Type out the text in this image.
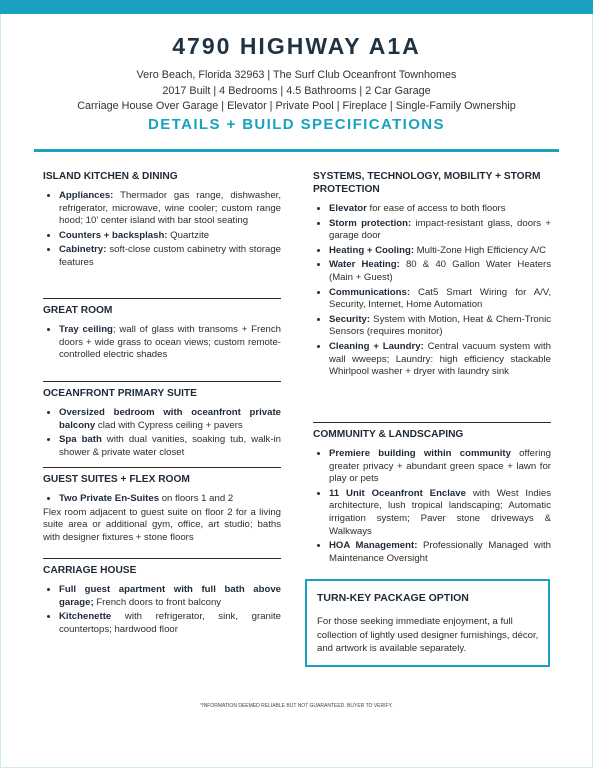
4790 HIGHWAY A1A
Vero Beach, Florida 32963 | The Surf Club Oceanfront Townhomes
2017 Built | 4 Bedrooms | 4.5 Bathrooms | 2 Car Garage
Carriage House Over Garage | Elevator | Private Pool | Fireplace | Single-Family Ownership
DETAILS + BUILD SPECIFICATIONS
ISLAND KITCHEN & DINING
• Appliances: Thermador gas range, dishwasher, refrigerator, microwave, wine cooler; custom range hood; 10' center island with bar stool seating
• Counters + backsplash: Quartzite
• Cabinetry: soft-close custom cabinetry with storage features
GREAT ROOM
• Tray ceiling; wall of glass with transoms + French doors + wide grass to ocean views; custom remote-controlled electric shades
OCEANFRONT PRIMARY SUITE
• Oversized bedroom with oceanfront private balcony clad with Cypress ceiling + pavers
• Spa bath with dual vanities, soaking tub, walk-in shower & private water closet
GUEST SUITES + FLEX ROOM
• Two Private En-Suites on floors 1 and 2

Flex room adjacent to guest suite on floor 2 for a living suite area or additional gym, office, art studio; baths with designer fixtures + stone floors

CARRIAGE HOUSE
• Full guest apartment with full bath above garage; French doors to front balcony
• Kitchenette with refrigerator, sink, granite countertops; hardwood floor
SYSTEMS, TECHNOLOGY, MOBILITY + STORM PROTECTION
• Elevator for ease of access to both floors
• Storm protection: impact-resistant glass, doors + garage door
• Heating + Cooling: Multi-Zone High Efficiency A/C
• Water Heating: 80 & 40 Gallon Water Heaters (Main + Guest)
• Communications: Cat5 Smart Wiring for A/V, Security, Internet, Home Automation
• Security: System with Motion, Heat & Chem-Tronic Sensors (requires monitor)
• Cleaning + Laundry: Central vacuum system with wall wweeps; Laundry: high efficiency stackable Whirlpool washer + dryer with laundry sink
COMMUNITY & LANDSCAPING
• Premiere building within community offering greater privacy + abundant green space + lawn for play or pets
• 11 Unit Oceanfront Enclave with West Indies architecture, lush tropical landscaping; Automatic irrigation system; Paver stone driveways & Walkways
• HOA Management: Professionally Managed with Maintenance Oversight
TURN-KEY PACKAGE OPTION

For those seeking immediate enjoyment, a full collection of lightly used designer furnishings, décor, and artwork is available separately.

*INFORMATION DEEMED RELIABLE BUT NOT GUARANTEED. BUYER TO VERIFY.
